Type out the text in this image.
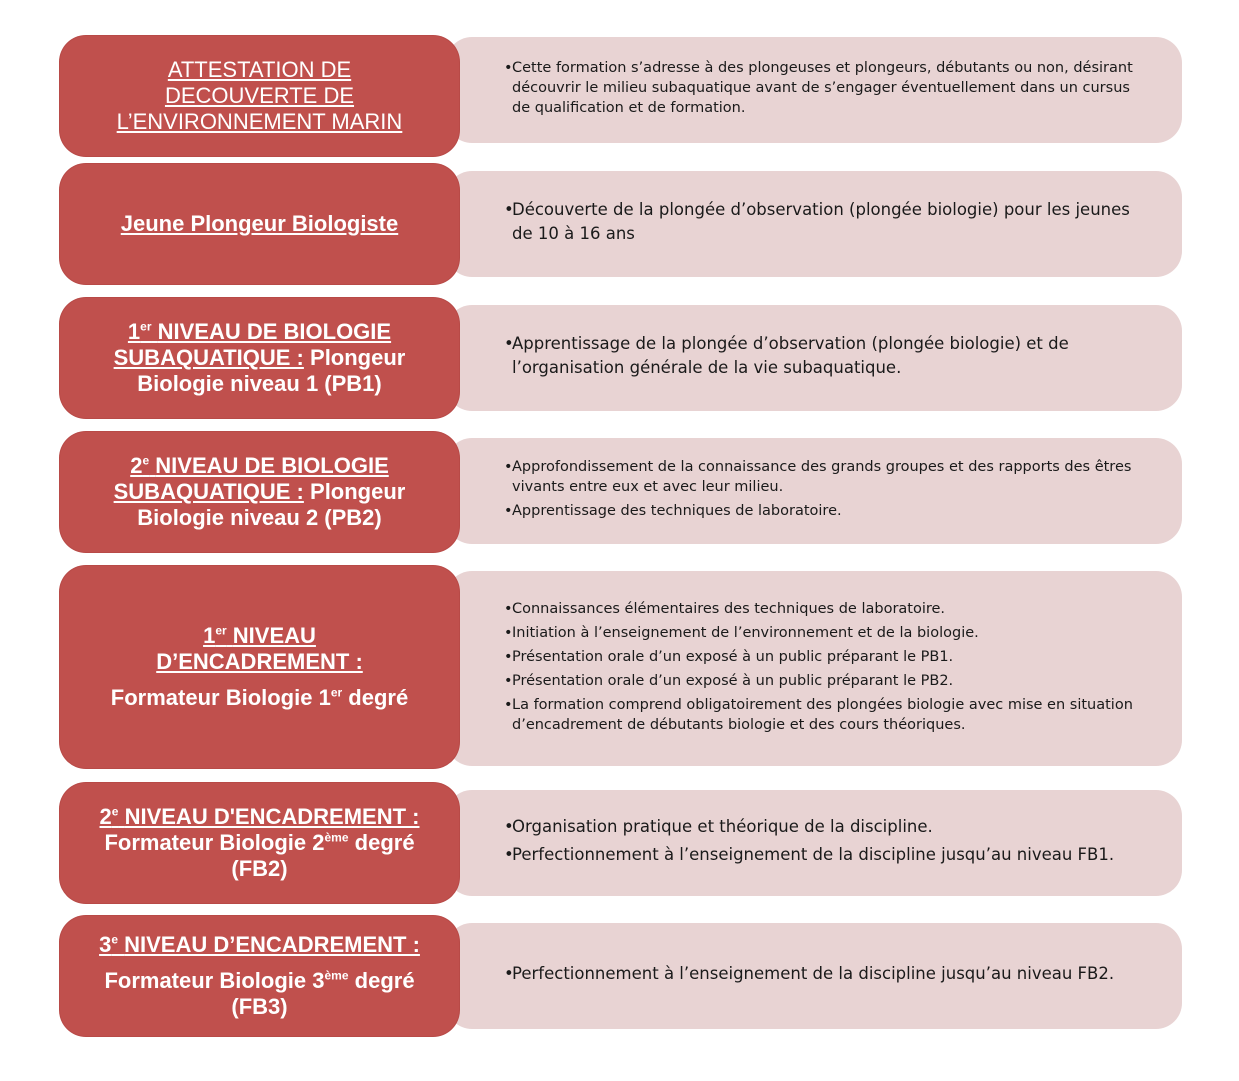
• Cette formation s’adresse à des plongeuses et plongeurs, débutants ou non, désirant découvrir le milieu subaquatique avant de s’engager éventuellement dans un cursus de qualification et de formation.
ATTESTATION DE
DECOUVERTE DE
L’ENVIRONNEMENT MARIN
• Découverte de la plongée d’observation (plongée biologie) pour les jeunes de 10 à 16 ans
Jeune Plongeur Biologiste
• Apprentissage de la plongée d’observation (plongée biologie) et de l’organisation générale de la vie subaquatique.
1er NIVEAU DE BIOLOGIE
SUBAQUATIQUE : Plongeur
Biologie niveau 1 (PB1)
• Approfondissement de la connaissance des grands groupes et des rapports des êtres vivants entre eux et avec leur milieu.
• Apprentissage des techniques de laboratoire.
2e NIVEAU DE BIOLOGIE
SUBAQUATIQUE : Plongeur
Biologie niveau 2 (PB2)
• Connaissances élémentaires des techniques de laboratoire.
• Initiation à l’enseignement de l’environnement et de la biologie.
• Présentation orale d’un exposé à un public préparant le PB1.
• Présentation orale d’un exposé à un public préparant le PB2.
• La formation comprend obligatoirement des plongées biologie avec mise en situation d’encadrement de débutants biologie et des cours théoriques.
1er NIVEAU
D’ENCADREMENT :
Formateur Biologie 1er degré
• Organisation pratique et théorique de la discipline.
• Perfectionnement à l’enseignement de la discipline jusqu’au niveau FB1.
2e NIVEAU D'ENCADREMENT :
Formateur Biologie 2ème degré
(FB2)
• Perfectionnement à l’enseignement de la discipline jusqu’au niveau FB2.
3e NIVEAU D’ENCADREMENT :
Formateur Biologie 3ème degré
(FB3)
